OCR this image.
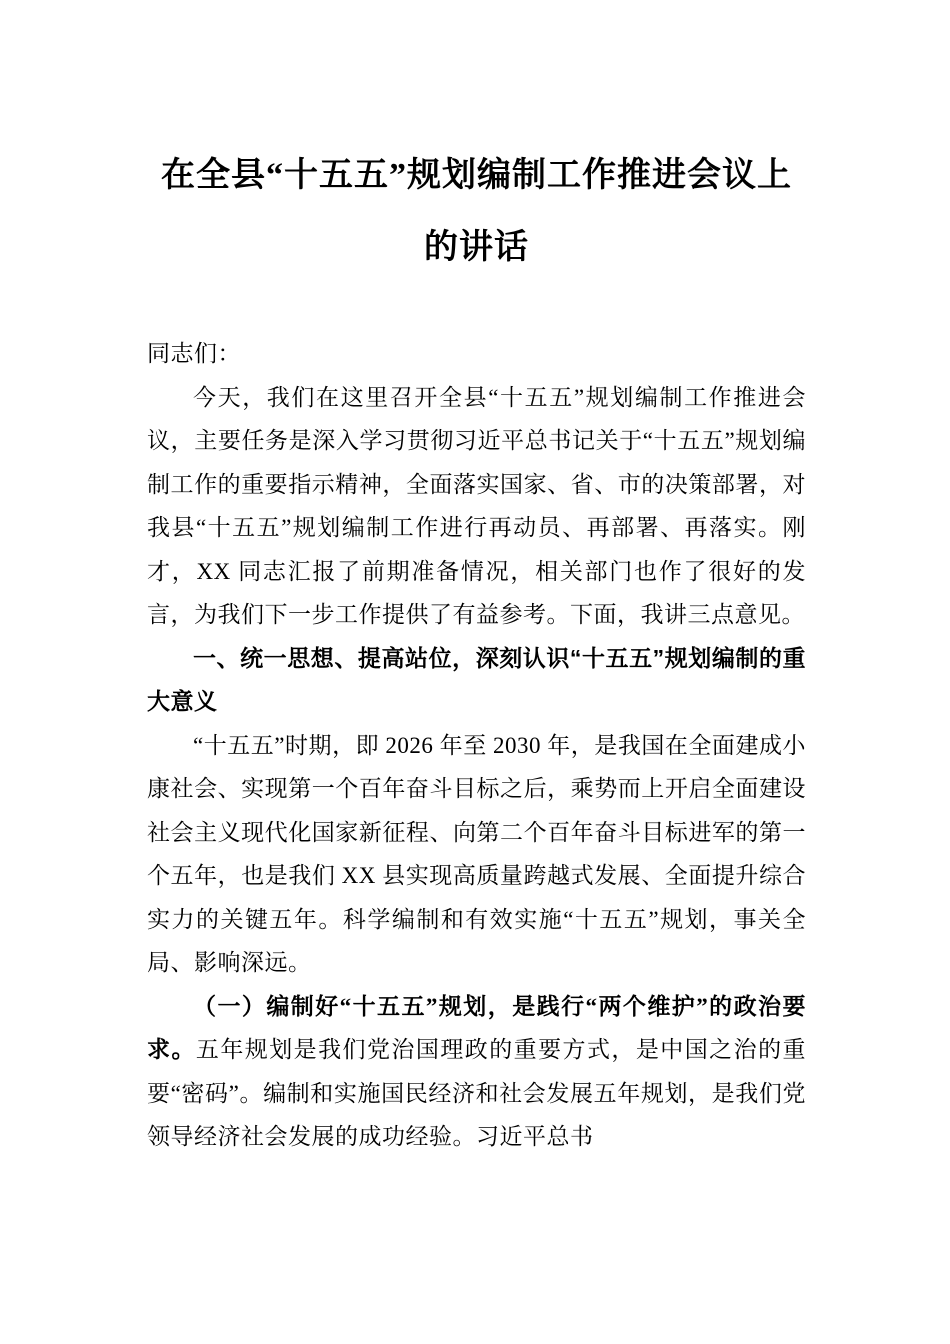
在全县“十五五”规划编制工作推进会议上的讲话

同志们：

今天，我们在这里召开全县“十五五”规划编制工作推进会议，主要任务是深入学习贯彻习近平总书记关于“十五五”规划编制工作的重要指示精神，全面落实国家、省、市的决策部署，对我县“十五五”规划编制工作进行再动员、再部署、再落实。刚才，XX 同志汇报了前期准备情况，相关部门也作了很好的发言，为我们下一步工作提供了有益参考。下面，我讲三点意见。

一、统一思想、提高站位，深刻认识“十五五”规划编制的重大意义

“十五五”时期，即 2026 年至 2030 年，是我国在全面建成小康社会、实现第一个百年奋斗目标之后，乘势而上开启全面建设社会主义现代化国家新征程、向第二个百年奋斗目标进军的第一个五年，也是我们 XX 县实现高质量跨越式发展、全面提升综合实力的关键五年。科学编制和有效实施“十五五”规划，事关全局、影响深远。

（一）编制好“十五五”规划，是践行“两个维护”的政治要求。五年规划是我们党治国理政的重要方式，是中国之治的重要“密码”。编制和实施国民经济和社会发展五年规划，是我们党领导经济社会发展的成功经验。习近平总书
